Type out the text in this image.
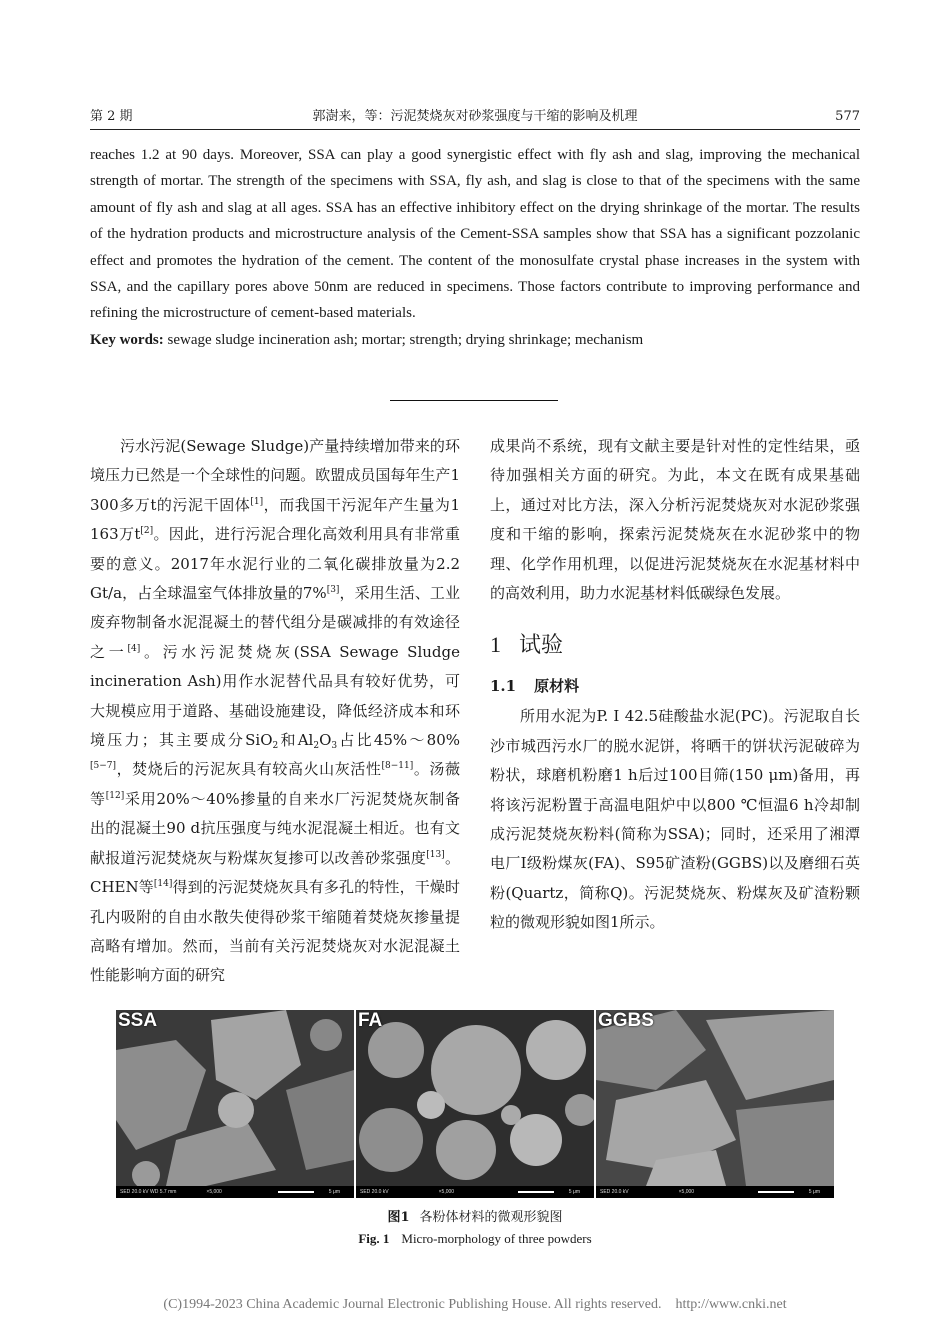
第 2 期	郭澍来，等：污泥焚烧灰对砂浆强度与干缩的影响及机理	577

reaches 1.2 at 90 days. Moreover, SSA can play a good synergistic effect with fly ash and slag, improving the mechanical strength of mortar. The strength of the specimens with SSA, fly ash, and slag is close to that of the specimens with the same amount of fly ash and slag at all ages. SSA has an effective inhibitory effect on the drying shrinkage of the mortar. The results of the hydration products and microstructure analysis of the Cement-SSA samples show that SSA has a significant pozzolanic effect and promotes the hydration of the cement. The content of the monosulfate crystal phase increases in the system with SSA, and the capillary pores above 50nm are reduced in specimens. Those factors contribute to improving performance and refining the microstructure of cement-based materials.

Key words: sewage sludge incineration ash; mortar; strength; drying shrinkage; mechanism

污水污泥(Sewage Sludge)产量持续增加带来的环境压力已然是一个全球性的问题。欧盟成员国每年生产1 300多万t的污泥干固体[1]，而我国干污泥年产生量为1 163万t[2]。因此，进行污泥合理化高效利用具有非常重要的意义。2017年水泥行业的二氧化碳排放量为2.2 Gt/a，占全球温室气体排放量的7%[3]，采用生活、工业废弃物制备水泥混凝土的替代组分是碳减排的有效途径之一[4]。污水污泥焚烧灰(SSA Sewage Sludge incineration Ash)用作水泥替代品具有较好优势，可大规模应用于道路、基础设施建设，降低经济成本和环境压力；其主要成分SiO$_2$和$Al_2O_3$占比45%～80%[5−7]，焚烧后的污泥灰具有较高火山灰活性[8−11]。汤薇等[12]采用20%～40%掺量的自来水厂污泥焚烧灰制备出的混凝土90 d抗压强度与纯水泥混凝土相近。也有文献报道污泥焚烧灰与粉煤灰复掺可以改善砂浆强度[13]。CHEN等[14]得到的污泥焚烧灰具有多孔的特性，干燥时孔内吸附的自由水散失使得砂浆干缩随着焚烧灰掺量提高略有增加。然而，当前有关污泥焚烧灰对水泥混凝土性能影响方面的研究

成果尚不系统，现有文献主要是针对性的定性结果，亟待加强相关方面的研究。为此，本文在既有成果基础上，通过对比方法，深入分析污泥焚烧灰对水泥砂浆强度和干缩的影响，探索污泥焚烧灰在水泥砂浆中的物理、化学作用机理，以促进污泥焚烧灰在水泥基材料中的高效利用，助力水泥基材料低碳绿色发展。

1 试验
1.1 原材料

所用水泥为P. Ⅰ 42.5硅酸盐水泥(PC)。污泥取自长沙市城西污水厂的脱水泥饼，将晒干的饼状污泥破碎为粉状，球磨机粉磨1 h后过100目筛(150 μm)备用，再将该污泥粉置于高温电阻炉中以800 ℃恒温6 h冷却制成污泥焚烧灰粉料(简称为SSA)；同时，还采用了湘潭电厂Ⅰ级粉煤灰(FA)、S95矿渣粉(GGBS)以及磨细石英粉(Quartz，简称Q)。污泥焚烧灰、粉煤灰及矿渣粉颗粒的微观形貌如图1所示。

SSA
SED 20.0 kV WD 5.7 mm	×5,000	5 μm
FA
SED 20.0 kV	×5,000	5 μm
GGBS
SED 20.0 kV	×5,000	5 μm
图1 各粉体材料的微观形貌图
Fig. 1 Micro-morphology of three powders
(C)1994-2023 China Academic Journal Electronic Publishing House. All rights reserved. http://www.cnki.net
